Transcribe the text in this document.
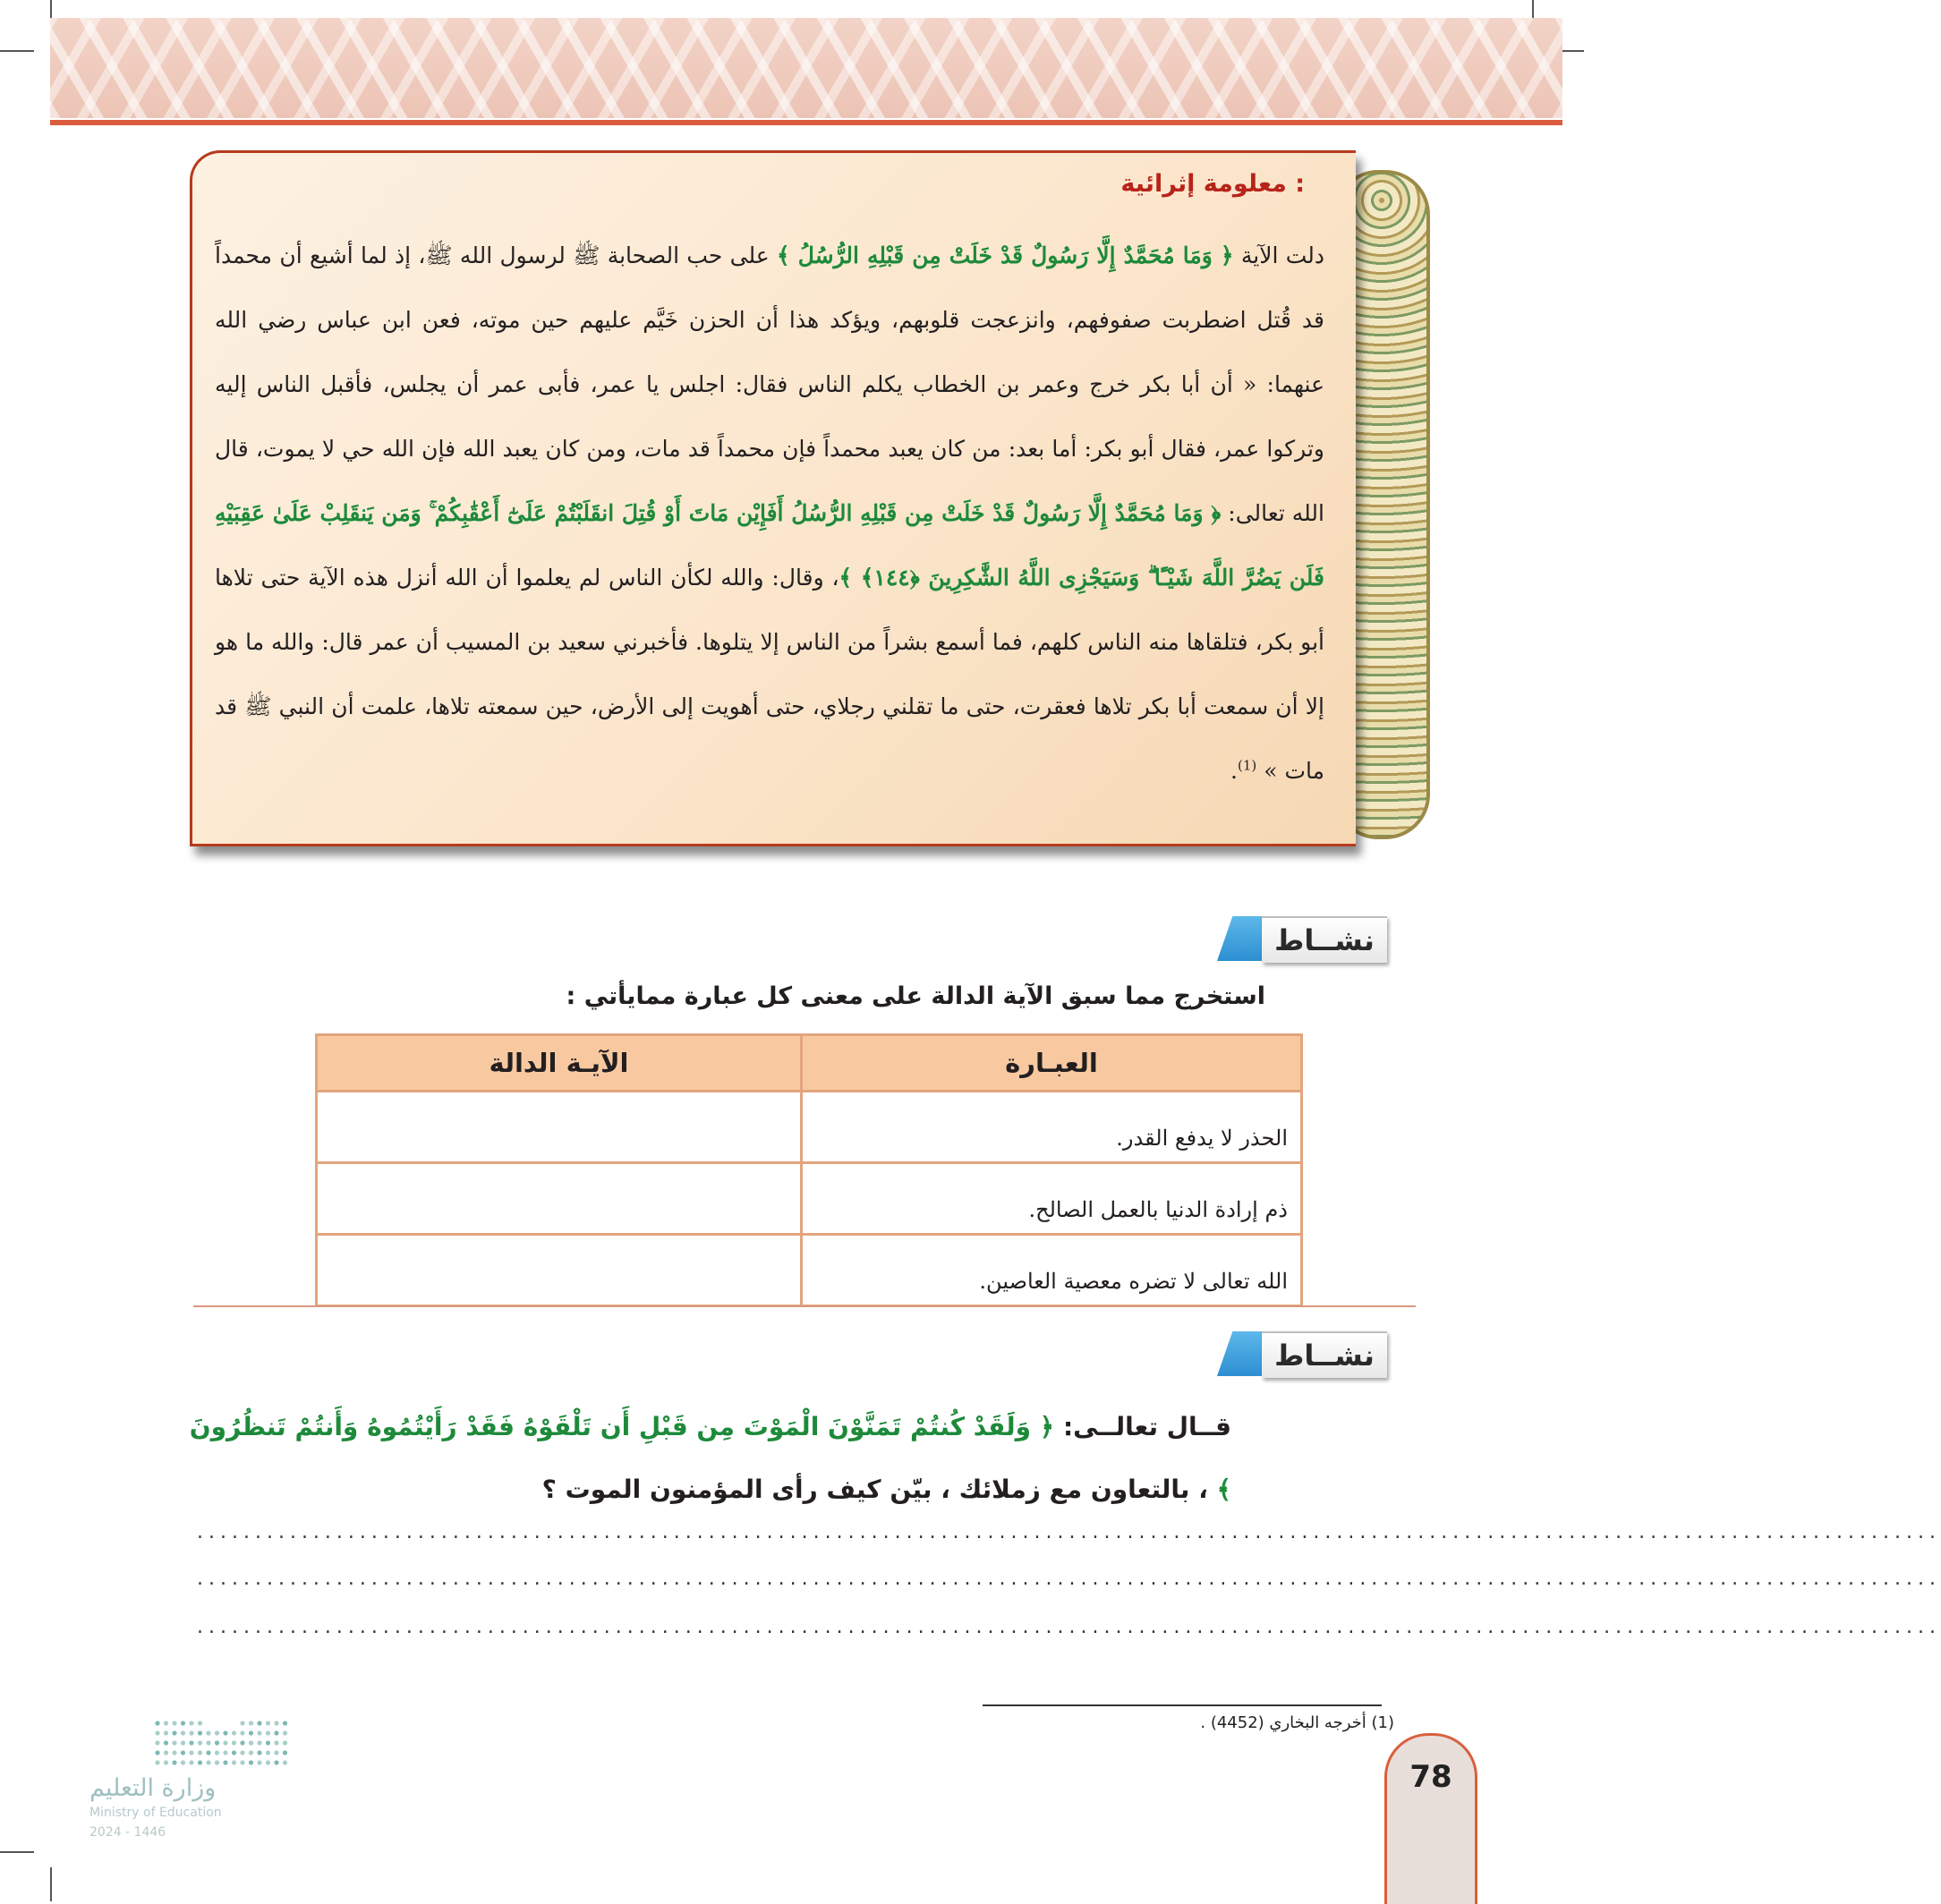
معلومة إثرائية :
دلت الآية ﴿ وَمَا مُحَمَّدٌ إِلَّا رَسُولٌ قَدْ خَلَتْ مِن قَبْلِهِ الرُّسُلُ ﴾ على حب الصحابة ﷺ لرسول الله ﷺ، إذ لما أشيع أن محمداً قد قُتل اضطربت صفوفهم، وانزعجت قلوبهم، ويؤكد هذا أن الحزن خَيَّم عليهم حين موته، فعن ابن عباس رضي الله عنهما: « أن أبا بكر خرج وعمر بن الخطاب يكلم الناس فقال: اجلس يا عمر، فأبى عمر أن يجلس، فأقبل الناس إليه وتركوا عمر، فقال أبو بكر: أما بعد: من كان يعبد محمداً فإن محمداً قد مات، ومن كان يعبد الله فإن الله حي لا يموت، قال الله تعالى: ﴿ وَمَا مُحَمَّدٌ إِلَّا رَسُولٌ قَدْ خَلَتْ مِن قَبْلِهِ الرُّسُلُ أَفَإِيْن مَاتَ أَوْ قُتِلَ انقَلَبْتُمْ عَلَىٰٓ أَعْقَٰبِكُمْ ۚ وَمَن يَنقَلِبْ عَلَىٰ عَقِبَيْهِ فَلَن يَضُرَّ اللَّهَ شَيْـًٔا ۗ وَسَيَجْزِى اللَّهُ الشَّٰكِرِينَ ﴿١٤٤﴾ ﴾، وقال: والله لكأن الناس لم يعلموا أن الله أنزل هذه الآية حتى تلاها أبو بكر، فتلقاها منه الناس كلهم، فما أسمع بشراً من الناس إلا يتلوها. فأخبرني سعيد بن المسيب أن عمر قال: والله ما هو إلا أن سمعت أبا بكر تلاها فعقرت، حتى ما تقلني رجلاي، حتى أهويت إلى الأرض، حين سمعته تلاها، علمت أن النبي ﷺ قد مات » $^{(1)}$.
نشــاط
استخرج مما سبق الآية الدالة على معنى كل عبارة ممايأتي :
العبـارة	الآيـة الدالة
الحذر لا يدفع القدر.	
ذم إرادة الدنيا بالعمل الصالح.	
الله تعالى لا تضره معصية العاصين.	
نشــاط
قــال تعالــى: ﴿ وَلَقَدْ كُنتُمْ تَمَنَّوْنَ الْمَوْتَ مِن قَبْلِ أَن تَلْقَوْهُ فَقَدْ رَأَيْتُمُوهُ وَأَنتُمْ تَنظُرُونَ ﴾ ، بالتعاون مع زملائك ، بيّن كيف رأى المؤمنون الموت ؟
......................................................................................................................................................
......................................................................................................................................................
......................................................................................................................................................
(1) أخرجه البخاري (4452) .
78
وزارة التعليم
Ministry of Education
2024 - 1446
